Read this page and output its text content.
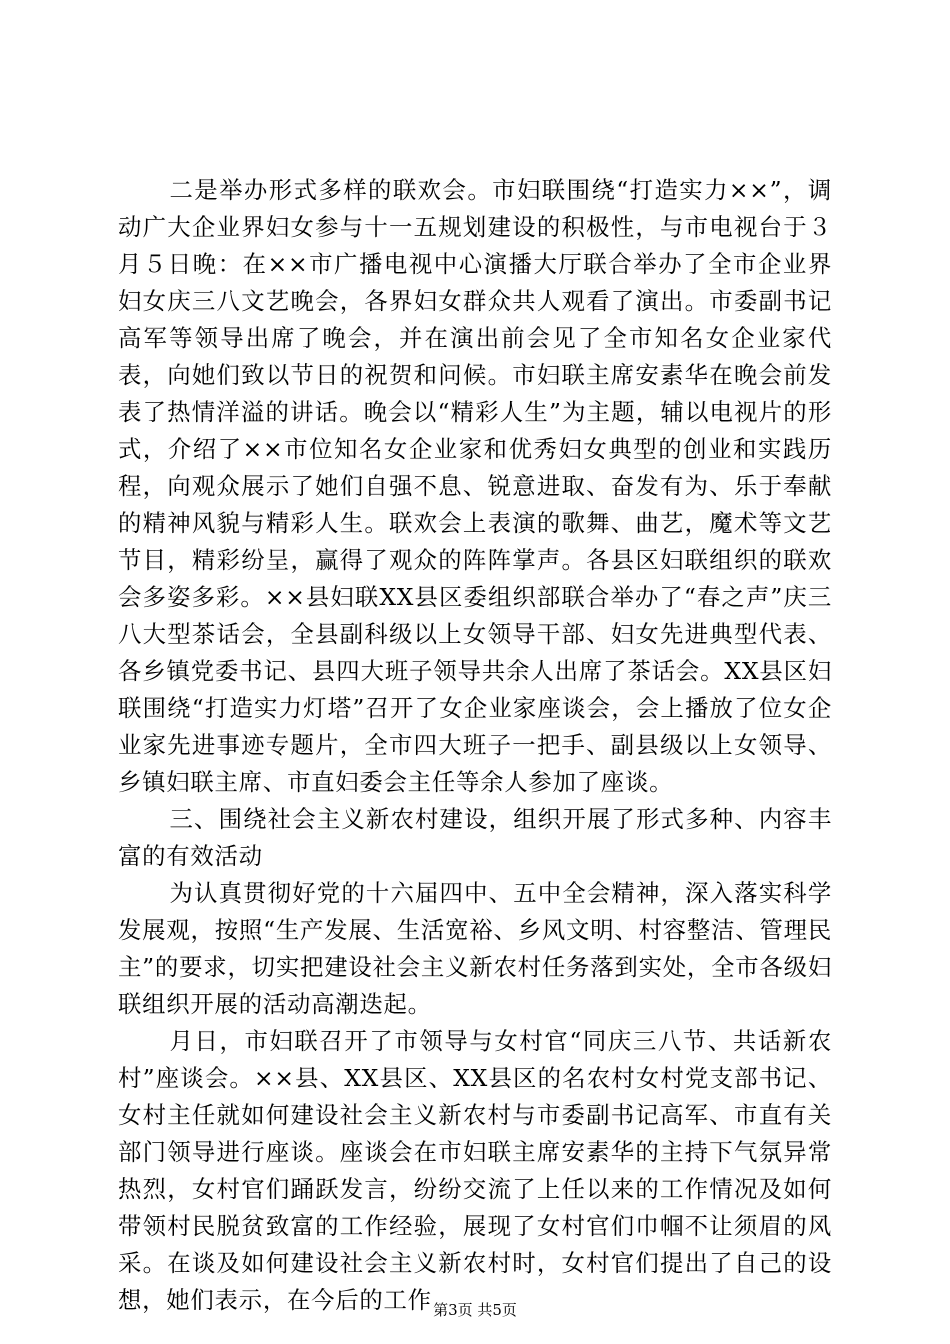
二是举办形式多样的联欢会。市妇联围绕“打造实力××”，调动广大企业界妇女参与十一五规划建设的积极性，与市电视台于３月５日晚：在××市广播电视中心演播大厅联合举办了全市企业界妇女庆三八文艺晚会，各界妇女群众共人观看了演出。市委副书记高军等领导出席了晚会，并在演出前会见了全市知名女企业家代表，向她们致以节日的祝贺和问候。市妇联主席安素华在晚会前发表了热情洋溢的讲话。晚会以“精彩人生”为主题，辅以电视片的形式，介绍了××市位知名女企业家和优秀妇女典型的创业和实践历程，向观众展示了她们自强不息、锐意进取、奋发有为、乐于奉献的精神风貌与精彩人生。联欢会上表演的歌舞、曲艺，魔术等文艺节目，精彩纷呈，赢得了观众的阵阵掌声。各县区妇联组织的联欢会多姿多彩。××县妇联XX县区委组织部联合举办了“春之声”庆三八大型茶话会，全县副科级以上女领导干部、妇女先进典型代表、各乡镇党委书记、县四大班子领导共余人出席了茶话会。XX县区妇联围绕“打造实力灯塔”召开了女企业家座谈会，会上播放了位女企业家先进事迹专题片，全市四大班子一把手、副县级以上女领导、乡镇妇联主席、市直妇委会主任等余人参加了座谈。

三、围绕社会主义新农村建设，组织开展了形式多种、内容丰富的有效活动

为认真贯彻好党的十六届四中、五中全会精神，深入落实科学发展观，按照“生产发展、生活宽裕、乡风文明、村容整洁、管理民主”的要求，切实把建设社会主义新农村任务落到实处，全市各级妇联组织开展的活动高潮迭起。

月日，市妇联召开了市领导与女村官“同庆三八节、共话新农村”座谈会。××县、XX县区、XX县区的名农村女村党支部书记、女村主任就如何建设社会主义新农村与市委副书记高军、市直有关部门领导进行座谈。座谈会在市妇联主席安素华的主持下气氛异常热烈，女村官们踊跃发言，纷纷交流了上任以来的工作情况及如何带领村民脱贫致富的工作经验，展现了女村官们巾帼不让须眉的风采。在谈及如何建设社会主义新农村时，女村官们提出了自己的设想，她们表示，在今后的工作 第3页 共5页
